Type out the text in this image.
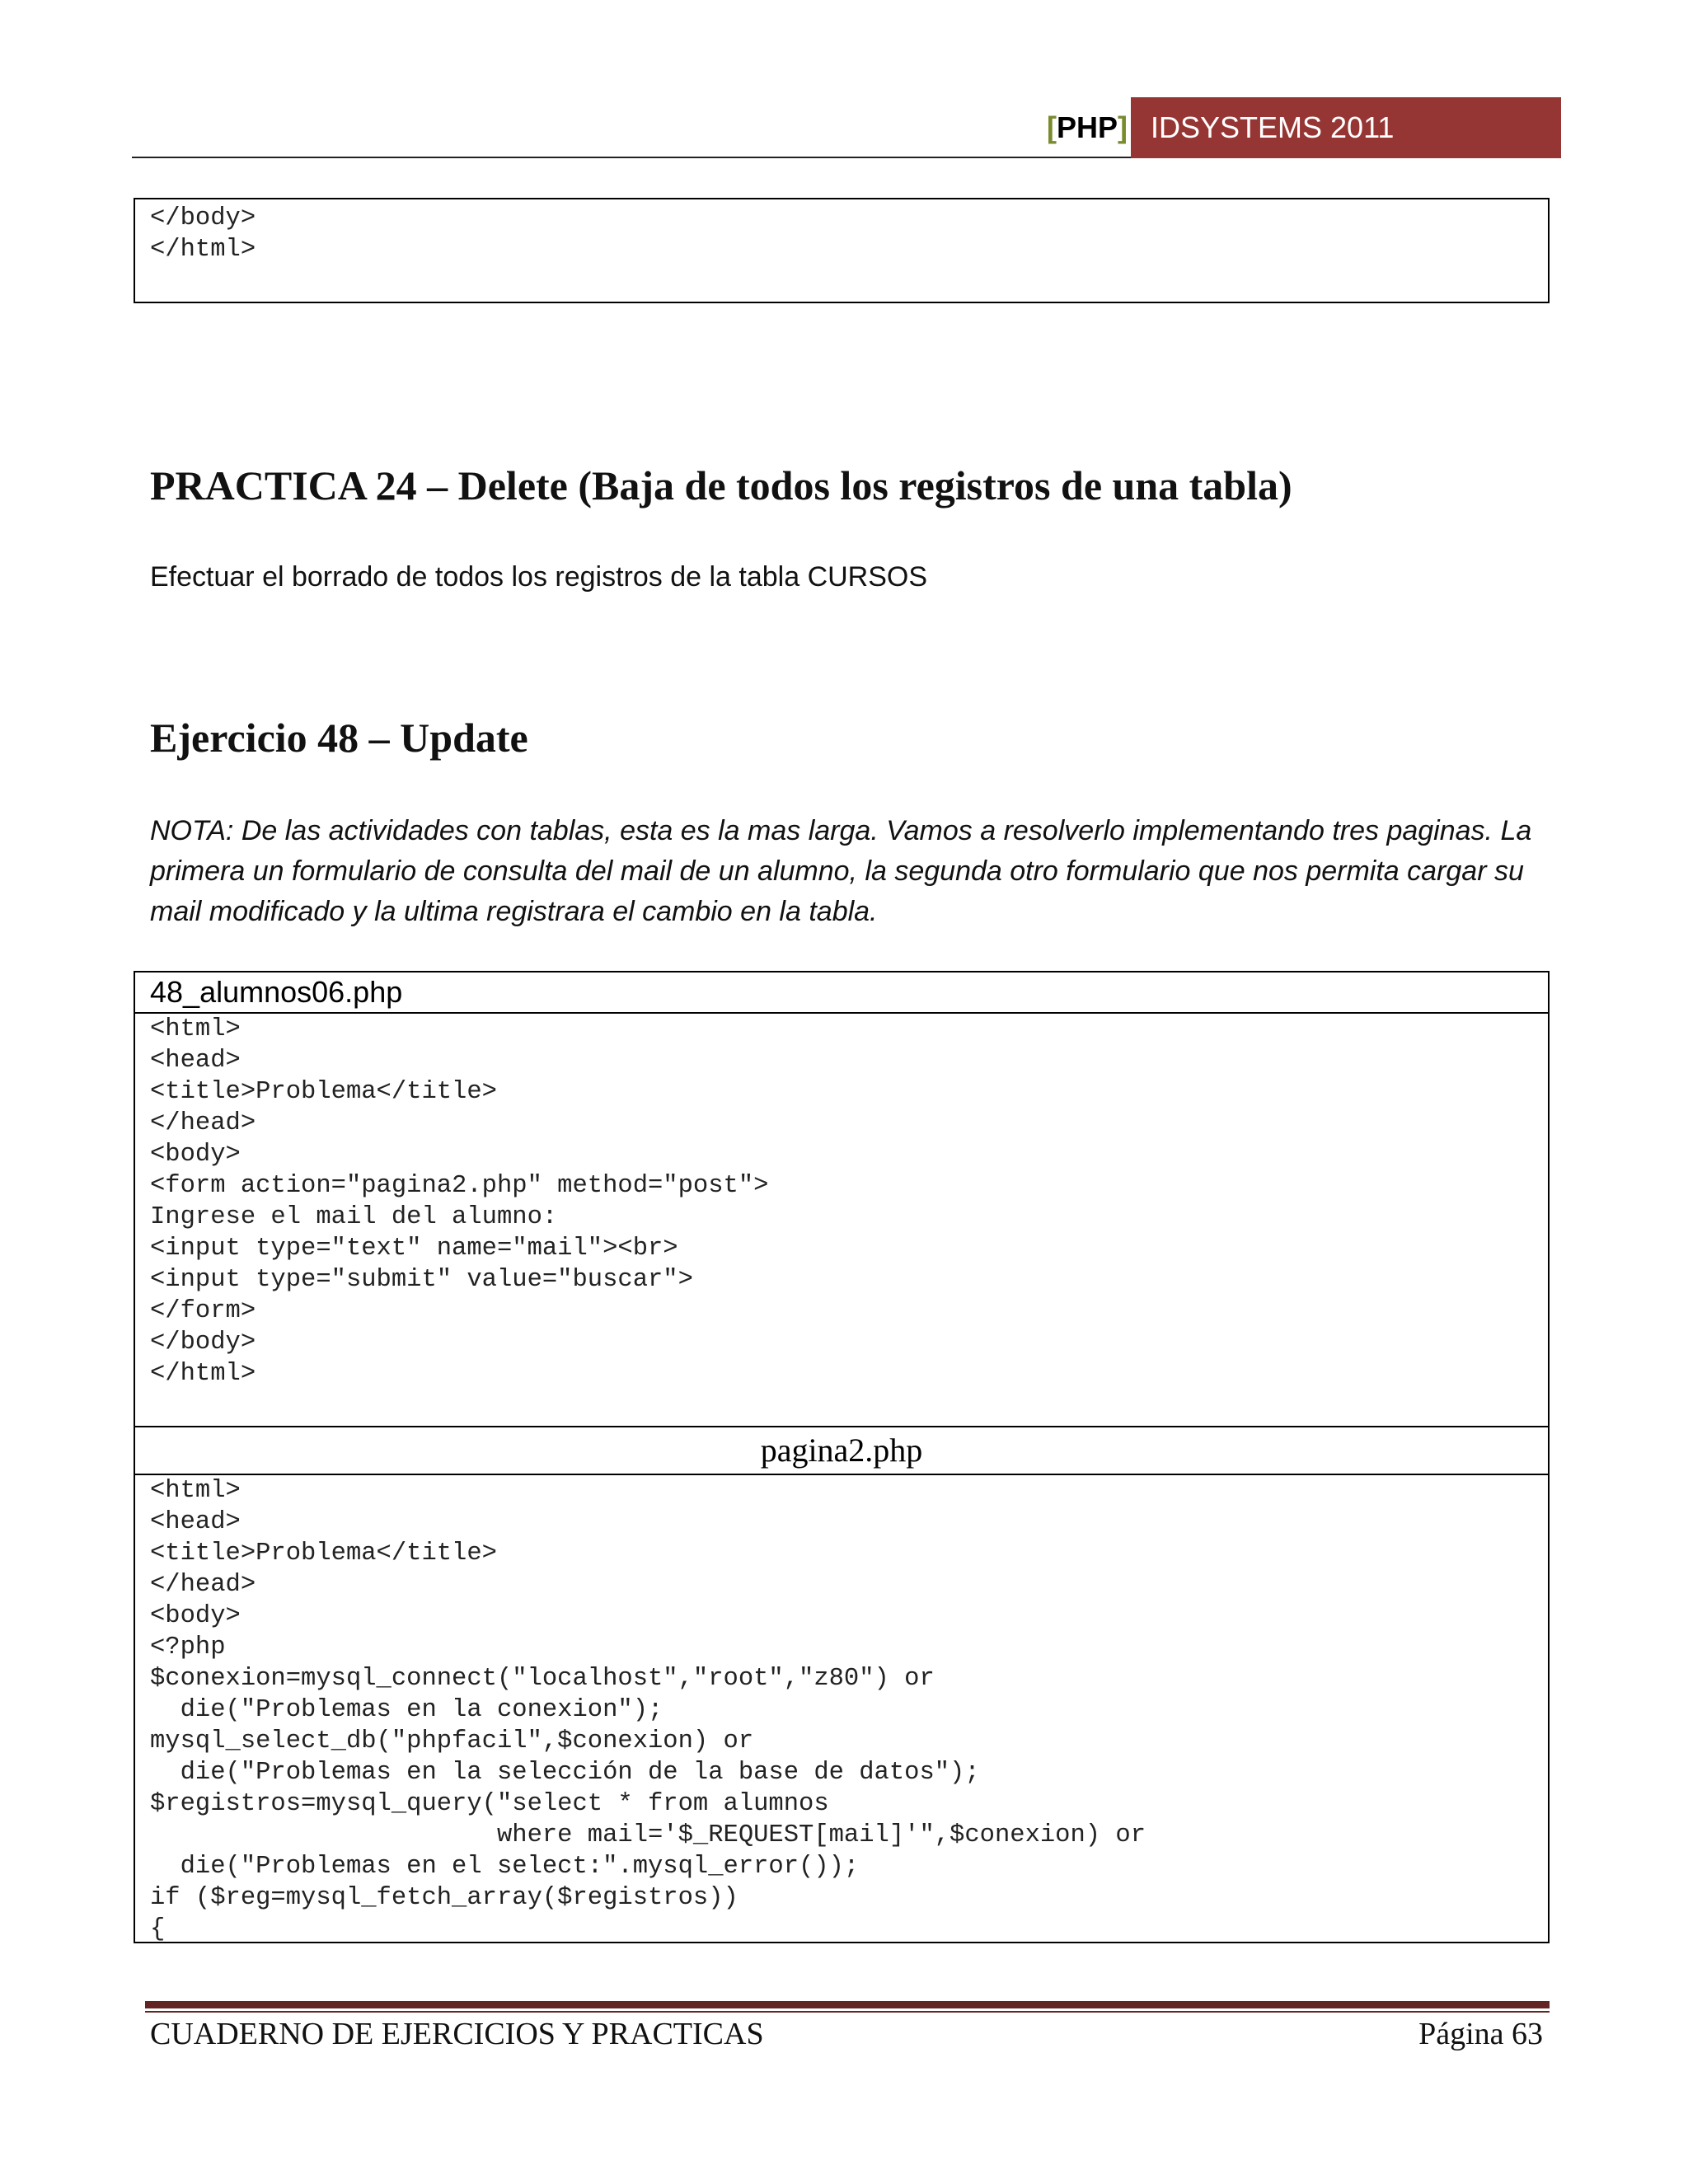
[PHP] IDSYSTEMS 2011
</body>
</html>
PRACTICA 24 – Delete (Baja de todos los registros de una tabla)
Efectuar el borrado de todos los registros de la tabla CURSOS
Ejercicio 48 – Update
NOTA: De las actividades con tablas, esta es la mas larga. Vamos a resolverlo implementando tres paginas. La primera un formulario de consulta del mail de un alumno, la segunda otro formulario que nos permita cargar su mail modificado y la ultima registrara el cambio en la tabla.
48_alumnos06.php
<html>
<head>
<title>Problema</title>
</head>
<body>
<form action="pagina2.php" method="post">
Ingrese el mail del alumno:
<input type="text" name="mail"><br>
<input type="submit" value="buscar">
</form>
</body>
</html>
pagina2.php
<html>
<head>
<title>Problema</title>
</head>
<body>
<?php
$conexion=mysql_connect("localhost","root","z80") or
die("Problemas en la conexion");
mysql_select_db("phpfacil",$conexion) or
die("Problemas en la selección de la base de datos");
$registros=mysql_query("select * from alumnos
where mail='$_REQUEST[mail]'",$conexion) or
die("Problemas en el select:".mysql_error());
if ($reg=mysql_fetch_array($registros))
{
CUADERNO DE EJERCICIOS Y PRACTICAS	Página 63
